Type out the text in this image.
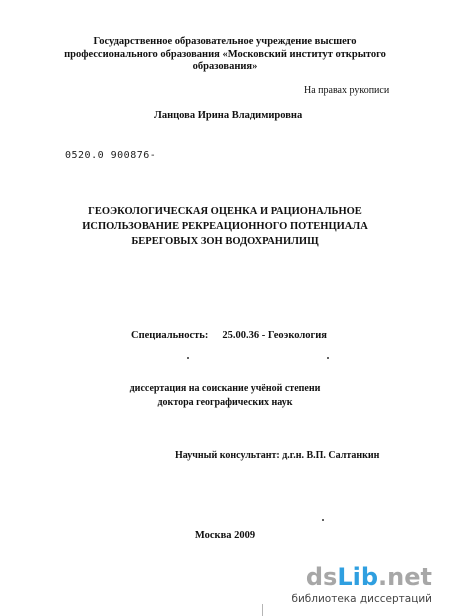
Государственное образовательное учреждение высшего
профессионального образования «Московский институт открытого
образования»
На правах рукописи
Ланцова Ирина Владимировна
0520.0 900876-
ГЕОЭКОЛОГИЧЕСКАЯ ОЦЕНКА И РАЦИОНАЛЬНОЕ
ИСПОЛЬЗОВАНИЕ РЕКРЕАЦИОННОГО ПОТЕНЦИАЛА
БЕРЕГОВЫХ ЗОН ВОДОХРАНИЛИЩ
Специальность: 25.00.36 - Геоэкология
диссертация на соискание учёной степени
доктора географических наук
Научный консультант: д.г.н. В.П. Салтанкин
Москва 2009
dsLib.net
библиотека диссертаций
